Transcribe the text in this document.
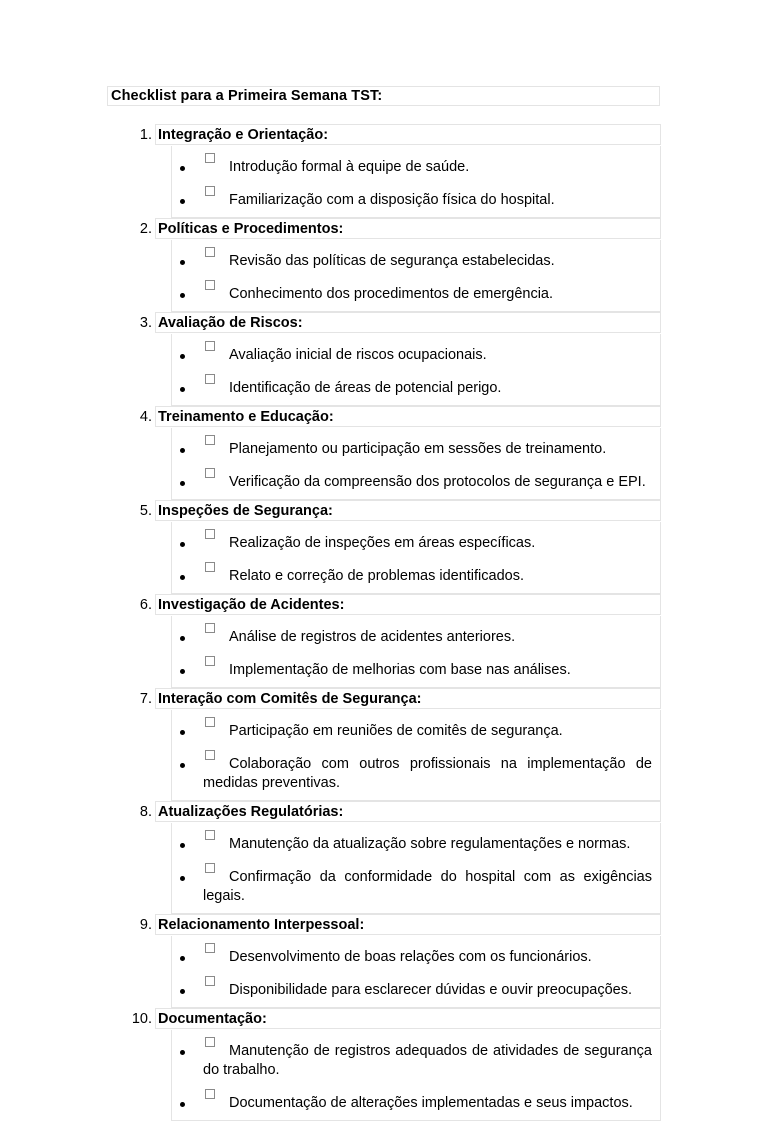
Checklist para a Primeira Semana TST:
1. Integração e Orientação:
Introdução formal à equipe de saúde.
Familiarização com a disposição física do hospital.
2. Políticas e Procedimentos:
Revisão das políticas de segurança estabelecidas.
Conhecimento dos procedimentos de emergência.
3. Avaliação de Riscos:
Avaliação inicial de riscos ocupacionais.
Identificação de áreas de potencial perigo.
4. Treinamento e Educação:
Planejamento ou participação em sessões de treinamento.
Verificação da compreensão dos protocolos de segurança e EPI.
5. Inspeções de Segurança:
Realização de inspeções em áreas específicas.
Relato e correção de problemas identificados.
6. Investigação de Acidentes:
Análise de registros de acidentes anteriores.
Implementação de melhorias com base nas análises.
7. Interação com Comitês de Segurança:
Participação em reuniões de comitês de segurança.
Colaboração com outros profissionais na implementação de medidas preventivas.
8. Atualizações Regulatórias:
Manutenção da atualização sobre regulamentações e normas.
Confirmação da conformidade do hospital com as exigências legais.
9. Relacionamento Interpessoal:
Desenvolvimento de boas relações com os funcionários.
Disponibilidade para esclarecer dúvidas e ouvir preocupações.
10. Documentação:
Manutenção de registros adequados de atividades de segurança do trabalho.
Documentação de alterações implementadas e seus impactos.
